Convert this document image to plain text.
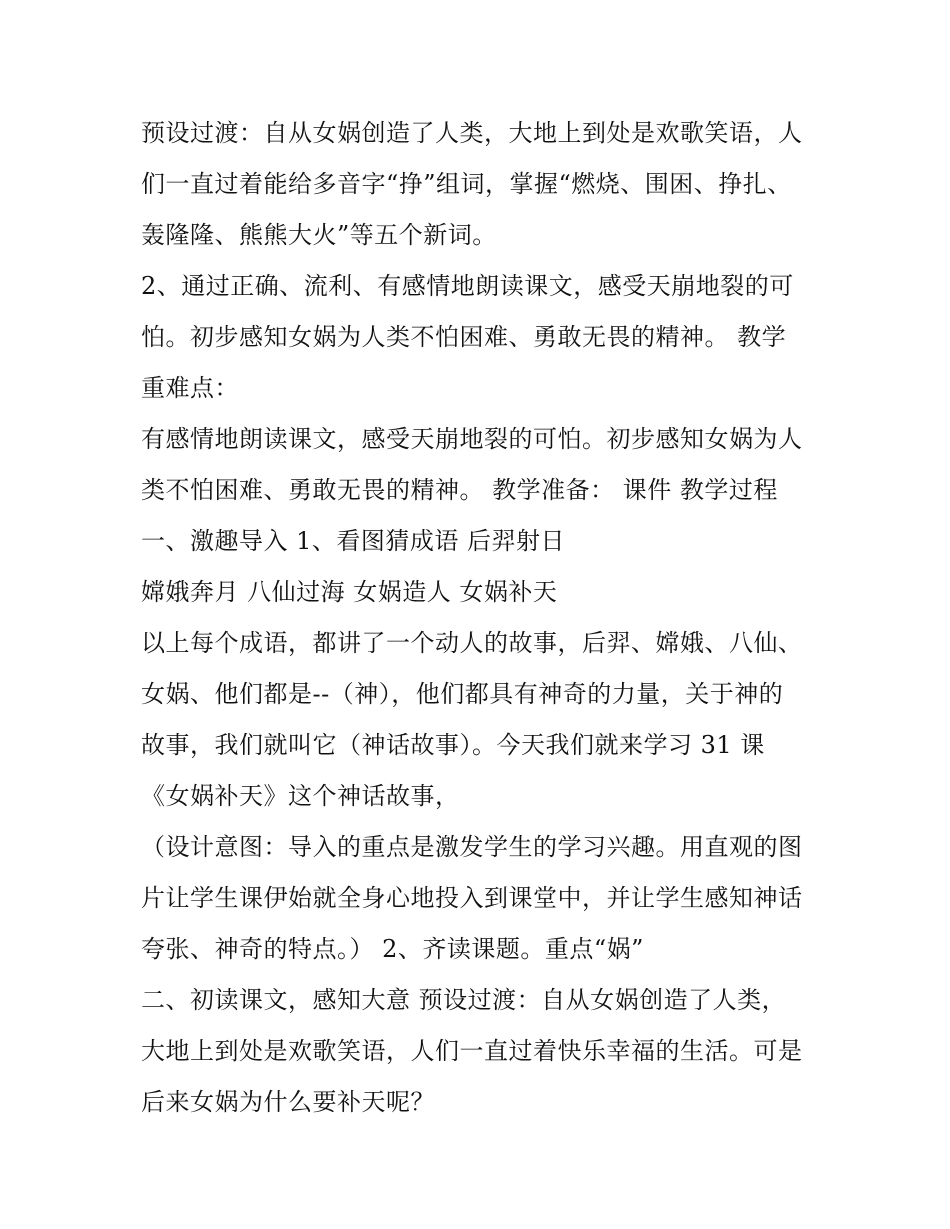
预设过渡：自从女娲创造了人类，大地上到处是欢歌笑语，人
们一直过着能给多音字“挣”组词，掌握“燃烧、围困、挣扎、
轰隆隆、熊熊大火”等五个新词。
2、通过正确、流利、有感情地朗读课文，感受天崩地裂的可
怕。初步感知女娲为人类不怕困难、勇敢无畏的精神。 教学
重难点：
有感情地朗读课文，感受天崩地裂的可怕。初步感知女娲为人
类不怕困难、勇敢无畏的精神。 教学准备： 课件 教学过程
一、激趣导入 1、看图猜成语 后羿射日
嫦娥奔月 八仙过海 女娲造人 女娲补天
以上每个成语，都讲了一个动人的故事，后羿、嫦娥、八仙、
女娲、他们都是--（神），他们都具有神奇的力量，关于神的
故事，我们就叫它（神话故事）。今天我们就来学习 31 课
《女娲补天》这个神话故事，
（设计意图：导入的重点是激发学生的学习兴趣。用直观的图
片让学生课伊始就全身心地投入到课堂中，并让学生感知神话
夸张、神奇的特点。） 2、齐读课题。重点“娲”
二、初读课文，感知大意 预设过渡：自从女娲创造了人类，
大地上到处是欢歌笑语，人们一直过着快乐幸福的生活。可是
后来女娲为什么要补天呢？
